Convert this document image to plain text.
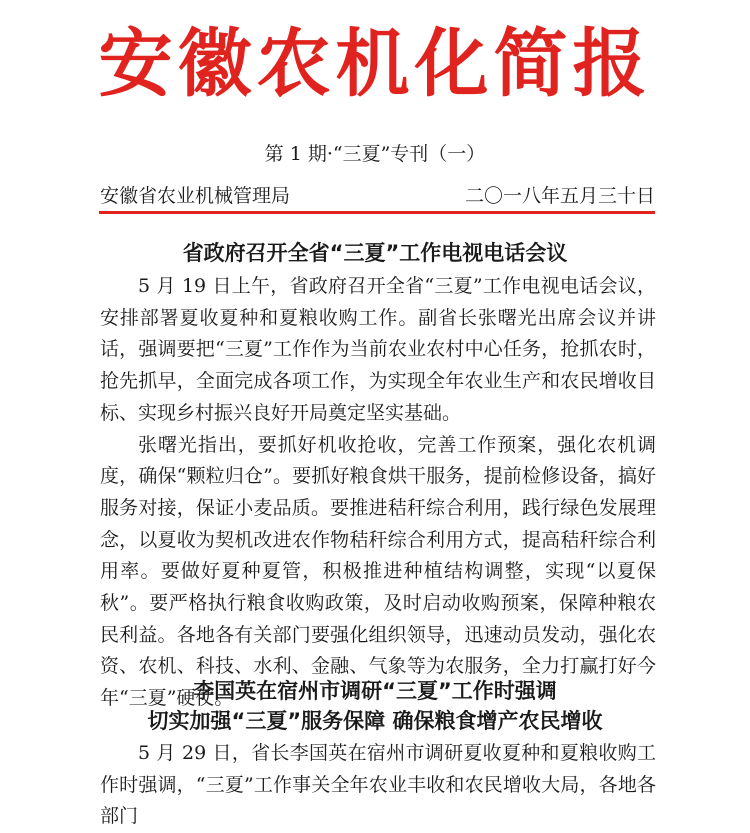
安徽农机化简报
第 1 期·“三夏”专刊（一）
安徽省农业机械管理局	二〇一八年五月三十日
省政府召开全省“三夏”工作电视电话会议

5 月 19 日上午，省政府召开全省“三夏”工作电视电话会议，安排部署夏收夏种和夏粮收购工作。副省长张曙光出席会议并讲话，强调要把“三夏”工作作为当前农业农村中心任务，抢抓农时，抢先抓早，全面完成各项工作，为实现全年农业生产和农民增收目标、实现乡村振兴良好开局奠定坚实基础。

张曙光指出，要抓好机收抢收，完善工作预案，强化农机调度，确保“颗粒归仓”。要抓好粮食烘干服务，提前检修设备，搞好服务对接，保证小麦品质。要推进秸秆综合利用，践行绿色发展理念，以夏收为契机改进农作物秸秆综合利用方式，提高秸秆综合利用率。要做好夏种夏管，积极推进种植结构调整，实现“以夏保秋”。要严格执行粮食收购政策，及时启动收购预案，保障种粮农民利益。各地各有关部门要强化组织领导，迅速动员发动，强化农资、农机、科技、水利、金融、气象等为农服务，全力打赢打好今年“三夏”硬仗。

李国英在宿州市调研“三夏”工作时强调
切实加强“三夏”服务保障 确保粮食增产农民增收

5 月 29 日，省长李国英在宿州市调研夏收夏种和夏粮收购工作时强调，“三夏”工作事关全年农业丰收和农民增收大局，各地各部门
